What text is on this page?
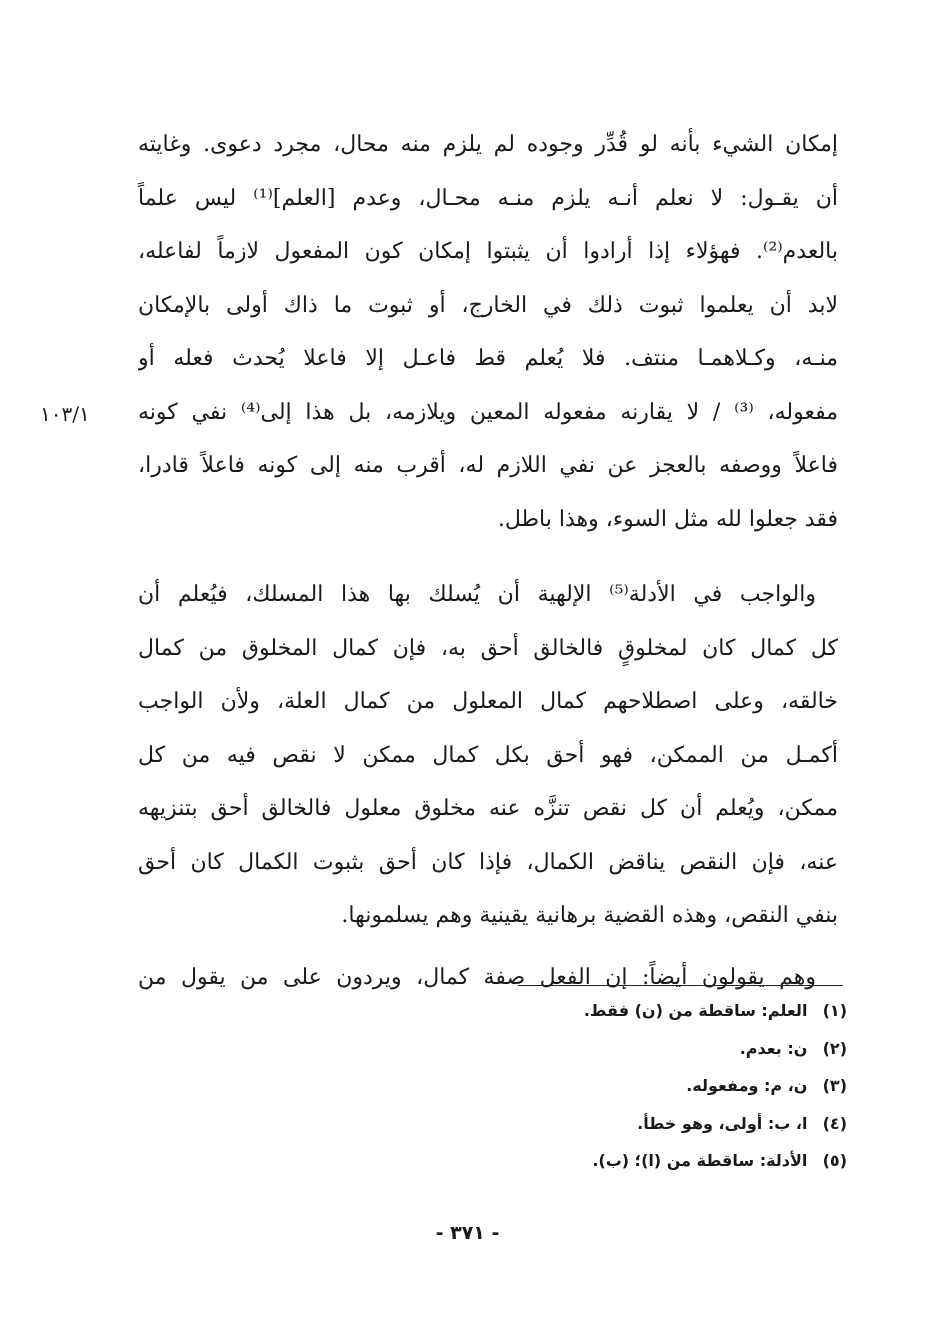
١٠٣/١
إمكان الشيء بأنه لو قُدِّر وجوده لم يلزم منه محال، مجرد دعوى. وغايته
أن يقـول: لا نعلم أنـه يلزم منـه محـال، وعدم [العلم]⁽¹⁾ ليس علماً
بالعدم⁽²⁾. فهؤلاء إذا أرادوا أن يثبتوا إمكان كون المفعول لازماً لفاعله،
لابد أن يعلموا ثبوت ذلك في الخارج، أو ثبوت ما ذاك أولى بالإمكان
منـه، وكـلاهمـا منتف. فلا يُعلم قط فاعـل إلا فاعلا يُحدث فعله أو
مفعوله، ⁽³⁾ / لا يقارنه مفعوله المعين ويلازمه، بل هذا إلى⁽⁴⁾ نفي كونه
فاعلاً ووصفه بالعجز عن نفي اللازم له، أقرب منه إلى كونه فاعلاً قادرا،
فقد جعلوا لله مثل السوء، وهذا باطل.
والواجب في الأدلة⁽⁵⁾ الإلهية أن يُسلك بها هذا المسلك، فيُعلم أن
كل كمال كان لمخلوقٍ فالخالق أحق به، فإن كمال المخلوق من كمال
خالقه، وعلى اصطلاحهم كمال المعلول من كمال العلة، ولأن الواجب
أكمـل من الممكن، فهو أحق بكل كمال ممكن لا نقص فيه من كل
ممكن، ويُعلم أن كل نقص تنزَّه عنه مخلوق معلول فالخالق أحق بتنزيهه
عنه، فإن النقص يناقض الكمال، فإذا كان أحق بثبوت الكمال كان أحق
بنفي النقص، وهذه القضية برهانية يقينية وهم يسلمونها.
وهم يقولون أيضاً: إن الفعل صفة كمال، ويردون على من يقول من
(١) العلم: ساقطة من (ن) فقط.
(٢) ن: بعدم.
(٣) ن، م: ومفعوله.
(٤) ا، ب: أولى، وهو خطأ.
(٥) الأدلة: ساقطة من (ا)؛ (ب).
- ٣٧١ -
